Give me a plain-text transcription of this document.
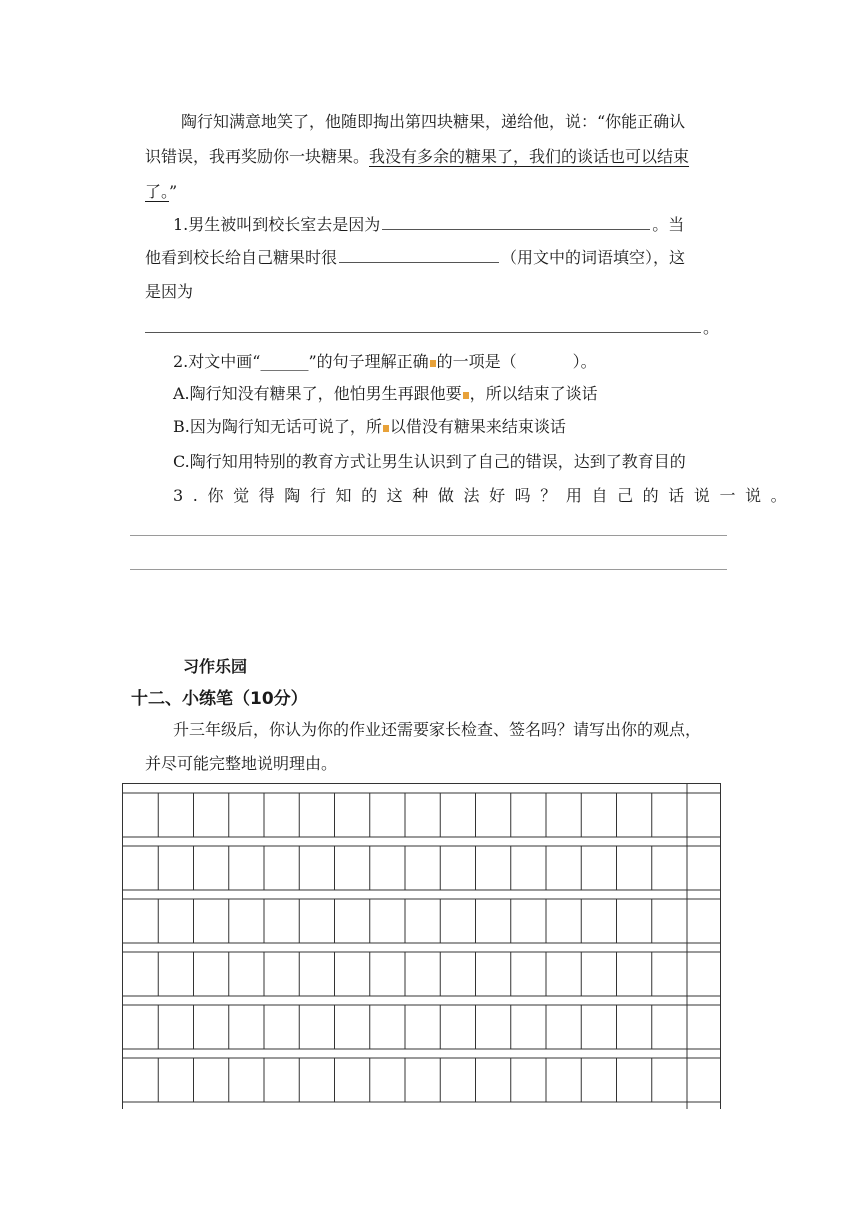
陶行知满意地笑了，他随即掏出第四块糖果，递给他，说：“你能正确认
识错误，我再奖励你一块糖果。我没有多余的糖果了，我们的谈话也可以结束
了。”
1.男生被叫到校长室去是因为	。当
他看到校长给自己糖果时很	（用文中的词语填空），这
是因为
。
2.对文中画“______”的句子理解正确 的一项是（	）。
A.陶行知没有糖果了，他怕男生再跟他要 ，所以结束了谈话
B.因为陶行知无话可说了，所 以借没有糖果来结束谈话
C.陶行知用特别的教育方式让男生认识到了自己的错误，达到了教育目的
3.你觉得陶行知的这种做法好吗？用自己的话说一说。
习作乐园
十二、小练笔（10分）
升三年级后，你认为你的作业还需要家长检查、签名吗？请写出你的观点，
并尽可能完整地说明理由。
